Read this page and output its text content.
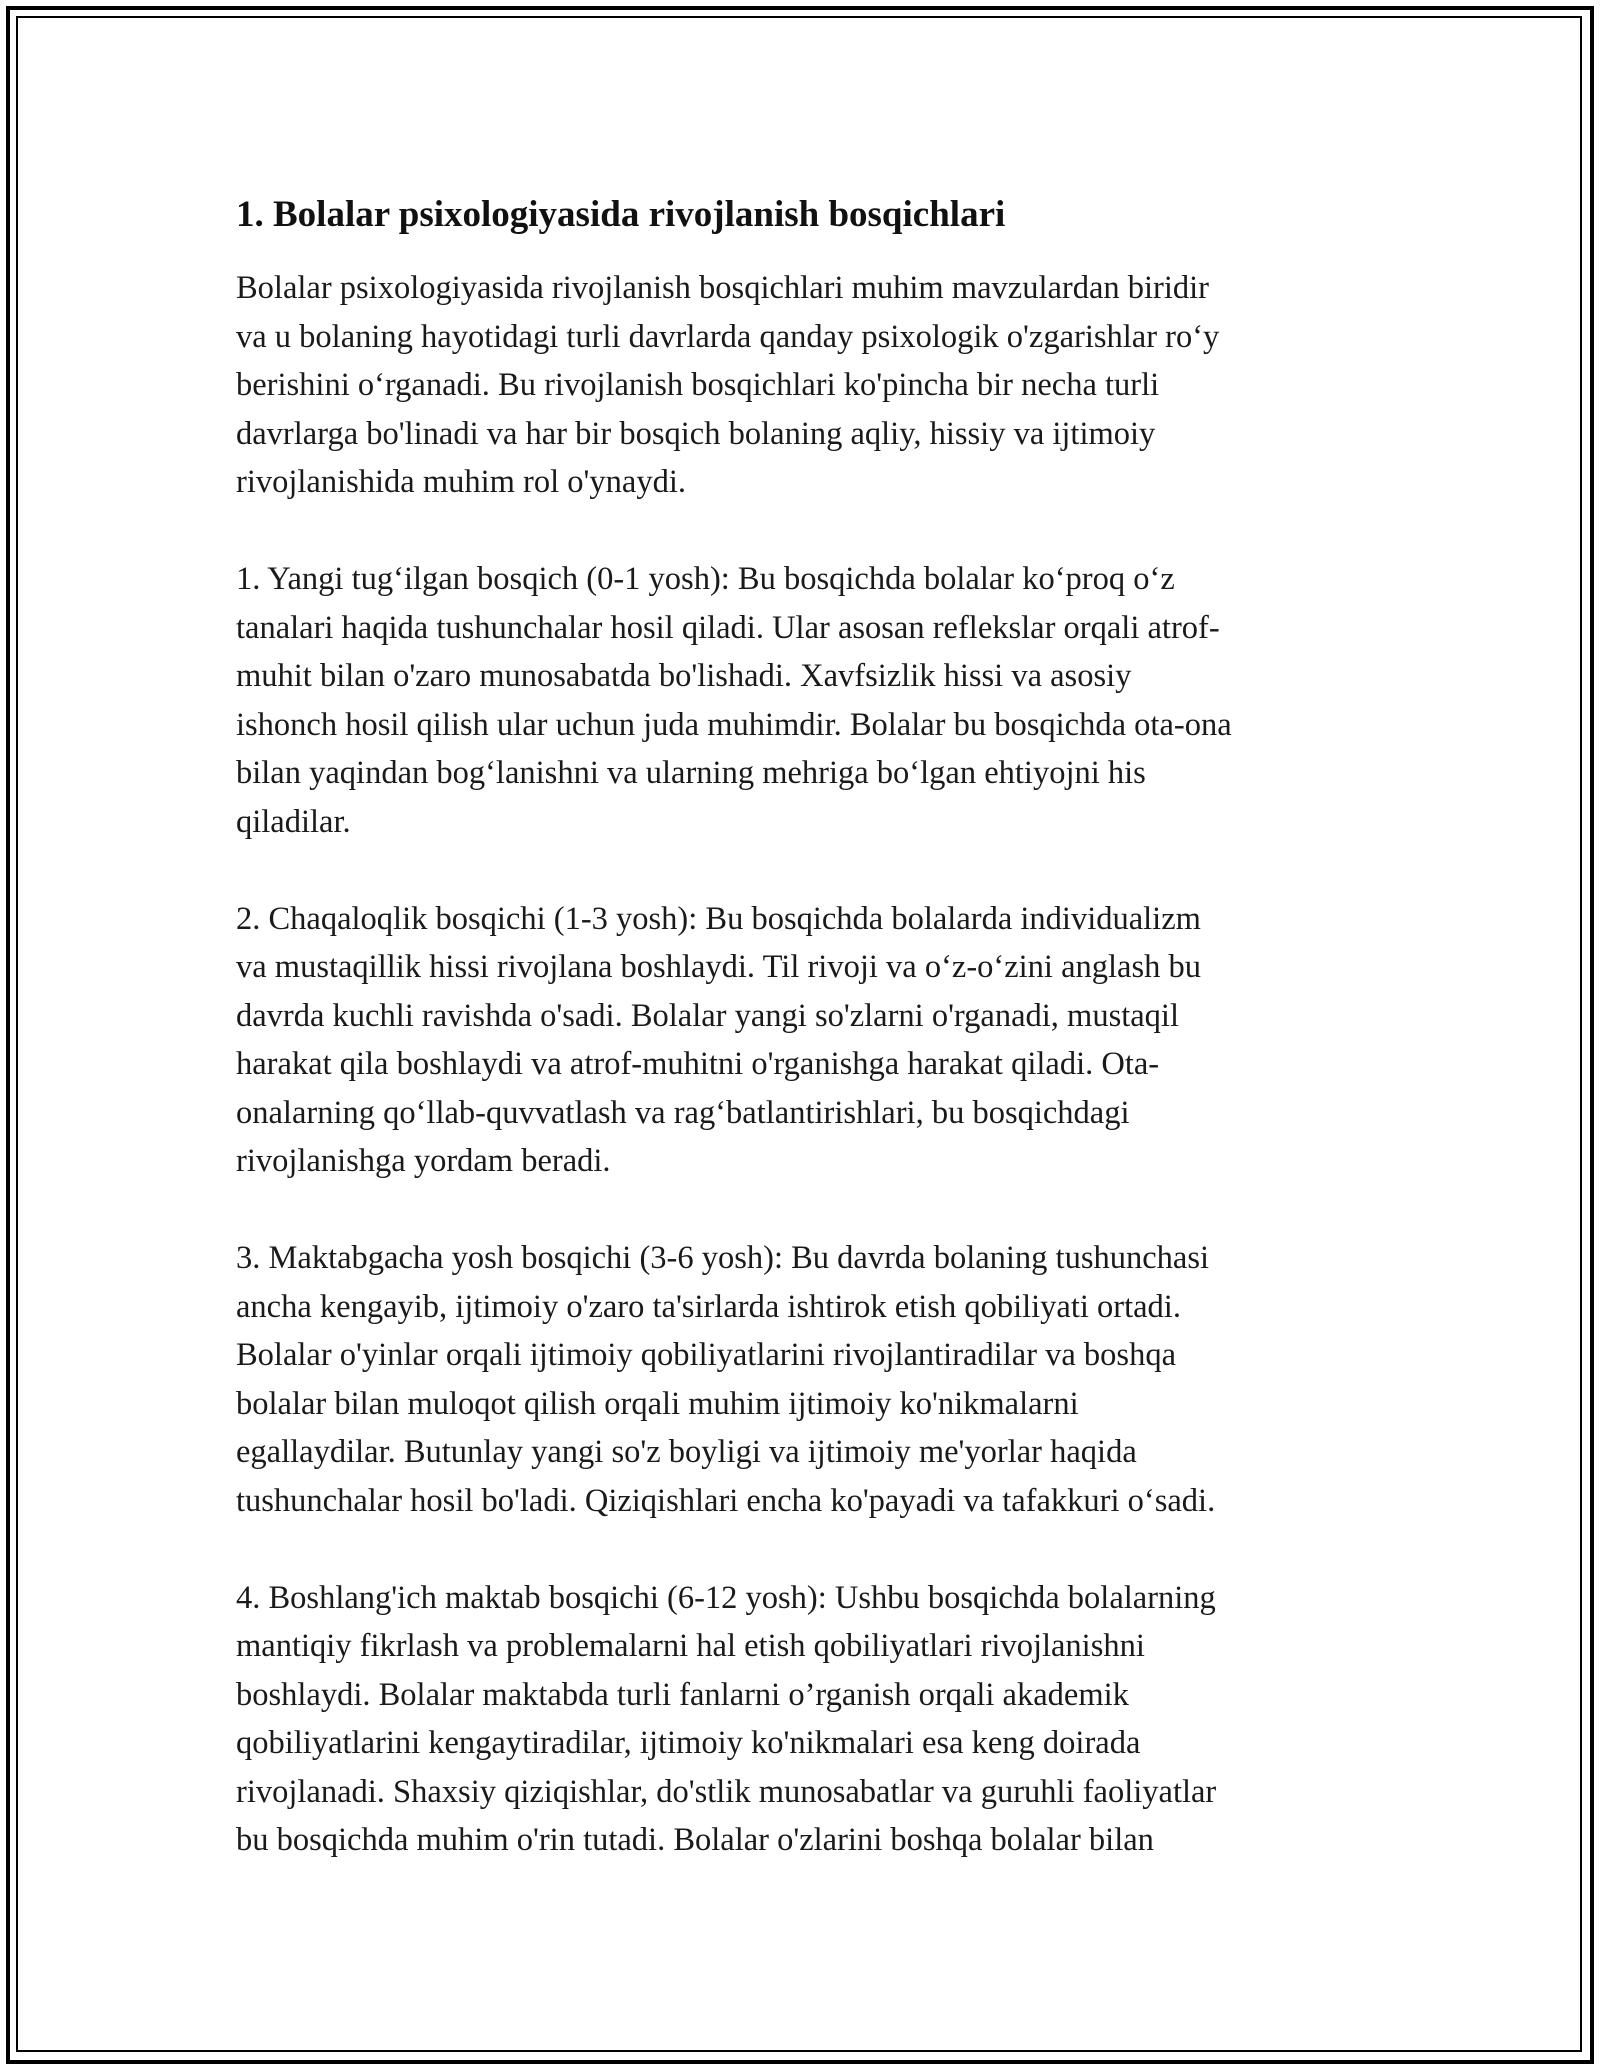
1. Bolalar psixologiyasida rivojlanish bosqichlari
Bolalar psixologiyasida rivojlanish bosqichlari muhim mavzulardan biridir
va u bolaning hayotidagi turli davrlarda qanday psixologik o'zgarishlar ro‘y
berishini o‘rganadi. Bu rivojlanish bosqichlari ko'pincha bir necha turli
davrlarga bo'linadi va har bir bosqich bolaning aqliy, hissiy va ijtimoiy
rivojlanishida muhim rol o'ynaydi.
1. Yangi tug‘ilgan bosqich (0-1 yosh): Bu bosqichda bolalar ko‘proq o‘z
tanalari haqida tushunchalar hosil qiladi. Ular asosan reflekslar orqali atrof-
muhit bilan o'zaro munosabatda bo'lishadi. Xavfsizlik hissi va asosiy
ishonch hosil qilish ular uchun juda muhimdir. Bolalar bu bosqichda ota-ona
bilan yaqindan bog‘lanishni va ularning mehriga bo‘lgan ehtiyojni his
qiladilar.
2. Chaqaloqlik bosqichi (1-3 yosh): Bu bosqichda bolalarda individualizm
va mustaqillik hissi rivojlana boshlaydi. Til rivoji va o‘z-o‘zini anglash bu
davrda kuchli ravishda o'sadi. Bolalar yangi so'zlarni o'rganadi, mustaqil
harakat qila boshlaydi va atrof-muhitni o'rganishga harakat qiladi. Ota-
onalarning qo‘llab-quvvatlash va rag‘batlantirishlari, bu bosqichdagi
rivojlanishga yordam beradi.
3. Maktabgacha yosh bosqichi (3-6 yosh): Bu davrda bolaning tushunchasi
ancha kengayib, ijtimoiy o'zaro ta'sirlarda ishtirok etish qobiliyati ortadi.
Bolalar o'yinlar orqali ijtimoiy qobiliyatlarini rivojlantiradilar va boshqa
bolalar bilan muloqot qilish orqali muhim ijtimoiy ko'nikmalarni
egallaydilar. Butunlay yangi so'z boyligi va ijtimoiy me'yorlar haqida
tushunchalar hosil bo'ladi. Qiziqishlari encha ko'payadi va tafakkuri o‘sadi.
4. Boshlang'ich maktab bosqichi (6-12 yosh): Ushbu bosqichda bolalarning
mantiqiy fikrlash va problemalarni hal etish qobiliyatlari rivojlanishni
boshlaydi. Bolalar maktabda turli fanlarni o’rganish orqali akademik
qobiliyatlarini kengaytiradilar, ijtimoiy ko'nikmalari esa keng doirada
rivojlanadi. Shaxsiy qiziqishlar, do'stlik munosabatlar va guruhli faoliyatlar
bu bosqichda muhim o'rin tutadi. Bolalar o'zlarini boshqa bolalar bilan
